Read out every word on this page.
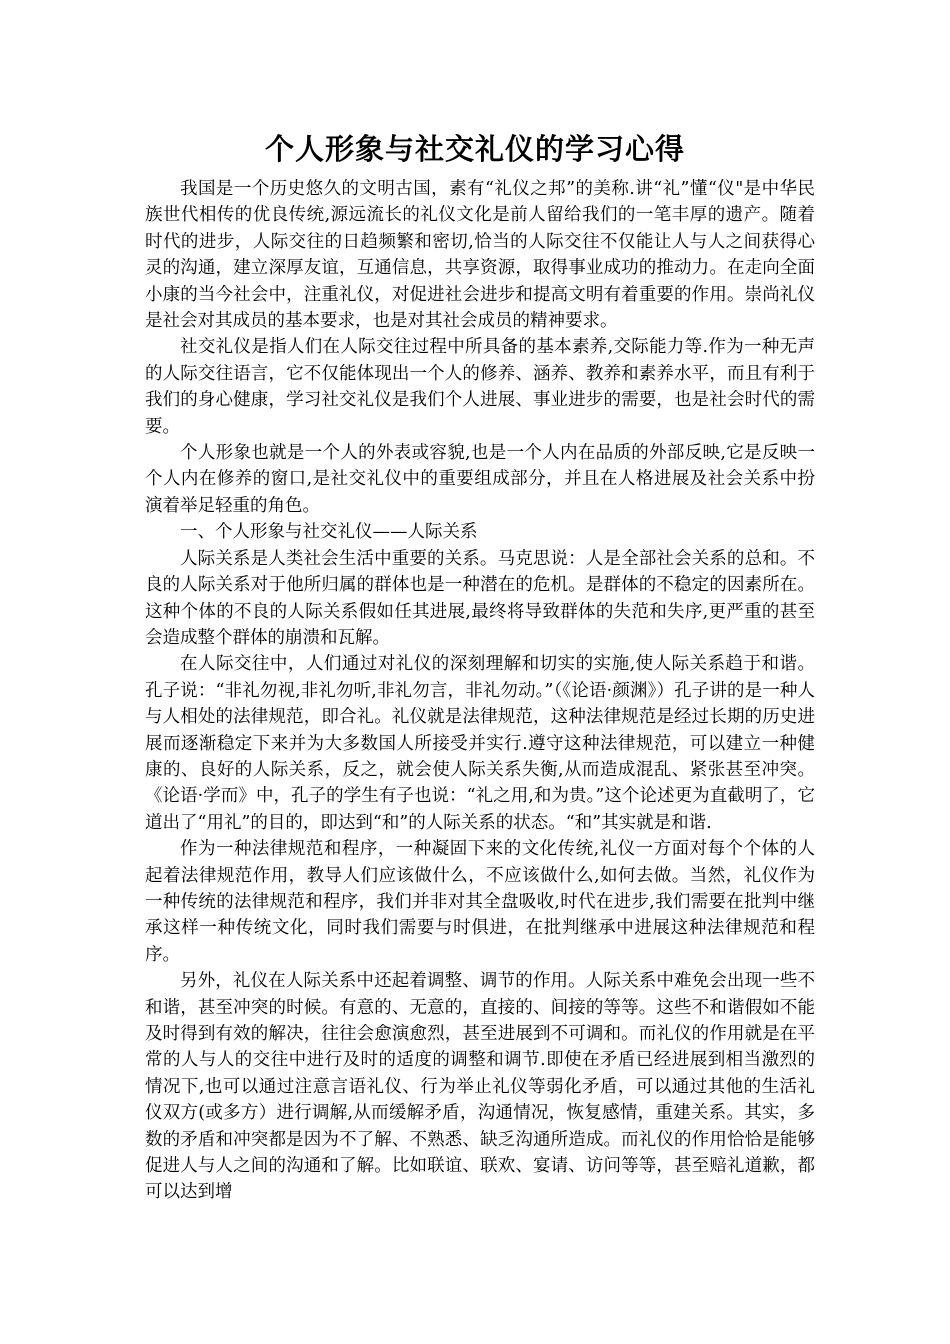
个人形象与社交礼仪的学习心得

我国是一个历史悠久的文明古国，素有“礼仪之邦”的美称.讲“礼”懂“仪"是中华民族世代相传的优良传统,源远流长的礼仪文化是前人留给我们的一笔丰厚的遗产。随着时代的进步，人际交往的日趋频繁和密切,恰当的人际交往不仅能让人与人之间获得心灵的沟通，建立深厚友谊，互通信息，共享资源，取得事业成功的推动力。在走向全面小康的当今社会中，注重礼仪，对促进社会进步和提高文明有着重要的作用。崇尚礼仪是社会对其成员的基本要求，也是对其社会成员的精神要求。

社交礼仪是指人们在人际交往过程中所具备的基本素养,交际能力等.作为一种无声的人际交往语言，它不仅能体现出一个人的修养、涵养、教养和素养水平，而且有利于我们的身心健康，学习社交礼仪是我们个人进展、事业进步的需要，也是社会时代的需要。

个人形象也就是一个人的外表或容貌,也是一个人内在品质的外部反映,它是反映一个人内在修养的窗口,是社交礼仪中的重要组成部分，并且在人格进展及社会关系中扮演着举足轻重的角色。

一、个人形象与社交礼仪——人际关系

人际关系是人类社会生活中重要的关系。马克思说：人是全部社会关系的总和。不良的人际关系对于他所归属的群体也是一种潜在的危机。是群体的不稳定的因素所在。这种个体的不良的人际关系假如任其进展,最终将导致群体的失范和失序,更严重的甚至会造成整个群体的崩溃和瓦解。

在人际交往中，人们通过对礼仪的深刻理解和切实的实施,使人际关系趋于和谐。孔子说：“非礼勿视,非礼勿听,非礼勿言，非礼勿动。”（《论语·颜渊》）孔子讲的是一种人与人相处的法律规范，即合礼。礼仪就是法律规范，这种法律规范是经过长期的历史进展而逐渐稳定下来并为大多数国人所接受并实行.遵守这种法律规范，可以建立一种健康的、良好的人际关系，反之，就会使人际关系失衡,从而造成混乱、紧张甚至冲突。《论语·学而》中，孔子的学生有子也说：“礼之用,和为贵。”这个论述更为直截明了，它道出了“用礼”的目的，即达到“和”的人际关系的状态。“和”其实就是和谐.

作为一种法律规范和程序，一种凝固下来的文化传统,礼仪一方面对每个个体的人起着法律规范作用，教导人们应该做什么，不应该做什么,如何去做。当然，礼仪作为一种传统的法律规范和程序，我们并非对其全盘吸收,时代在进步,我们需要在批判中继承这样一种传统文化，同时我们需要与时俱进，在批判继承中进展这种法律规范和程序。

另外，礼仪在人际关系中还起着调整、调节的作用。人际关系中难免会出现一些不和谐，甚至冲突的时候。有意的、无意的，直接的、间接的等等。这些不和谐假如不能及时得到有效的解决，往往会愈演愈烈，甚至进展到不可调和。而礼仪的作用就是在平常的人与人的交往中进行及时的适度的调整和调节.即使在矛盾已经进展到相当激烈的情况下,也可以通过注意言语礼仪、行为举止礼仪等弱化矛盾，可以通过其他的生活礼仪双方(或多方）进行调解,从而缓解矛盾，沟通情况，恢复感情，重建关系。其实，多数的矛盾和冲突都是因为不了解、不熟悉、缺乏沟通所造成。而礼仪的作用恰恰是能够促进人与人之间的沟通和了解。比如联谊、联欢、宴请、访问等等，甚至赔礼道歉，都可以达到增
